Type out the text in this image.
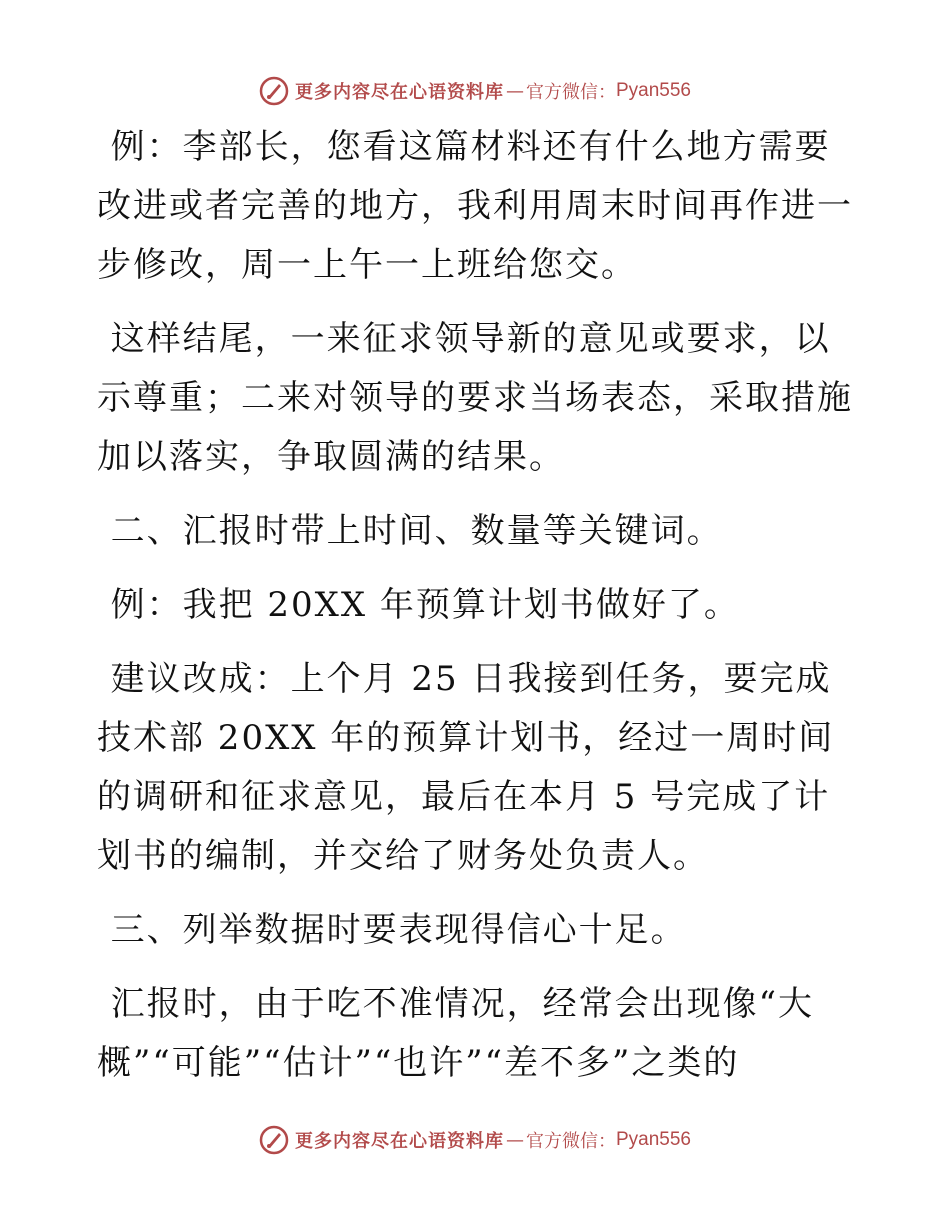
更多内容尽在心语资料库 — 官方微信： Pyan556

例：李部长，您看这篇材料还有什么地方需要改进或者完善的地方，我利用周末时间再作进一步修改，周一上午一上班给您交。

这样结尾，一来征求领导新的意见或要求，以示尊重；二来对领导的要求当场表态，采取措施加以落实，争取圆满的结果。

二、汇报时带上时间、数量等关键词。

例：我把 20XX 年预算计划书做好了。

建议改成：上个月 25 日我接到任务，要完成技术部 20XX 年的预算计划书，经过一周时间的调研和征求意见，最后在本月 5 号完成了计划书的编制，并交给了财务处负责人。

三、列举数据时要表现得信心十足。

汇报时，由于吃不准情况，经常会出现像“大概”“可能”“估计”“也许”“差不多”之类的

更多内容尽在心语资料库 — 官方微信： Pyan556
